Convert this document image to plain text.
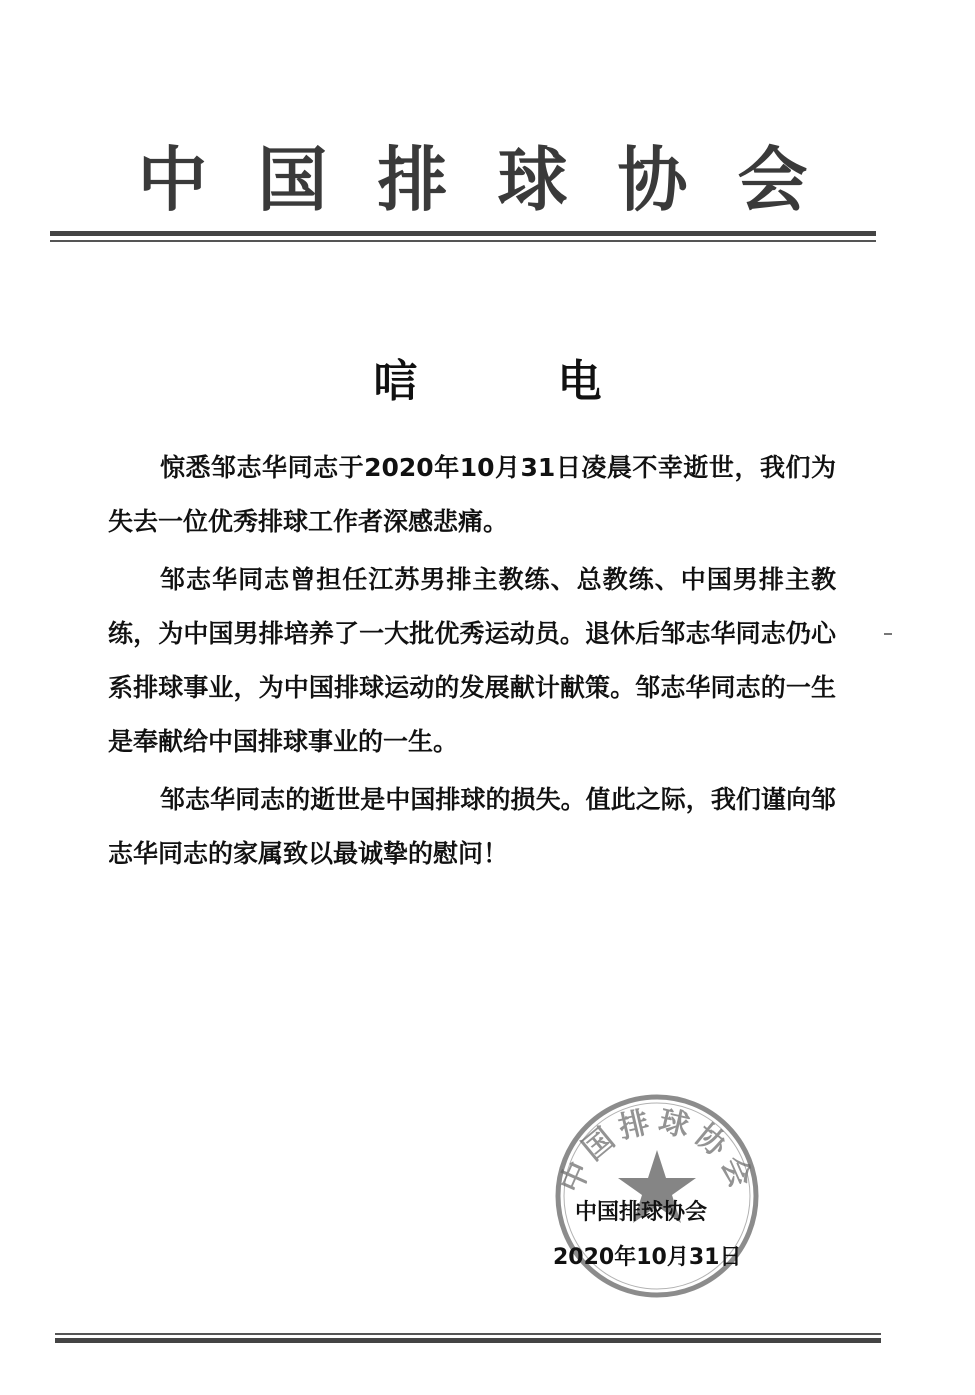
中国排球协会
唁　电

惊悉邹志华同志于2020年10月31日凌晨不幸逝世，我们为失去一位优秀排球工作者深感悲痛。

邹志华同志曾担任江苏男排主教练、总教练、中国男排主教练，为中国男排培养了一大批优秀运动员。退休后邹志华同志仍心系排球事业，为中国排球运动的发展献计献策。邹志华同志的一生是奉献给中国排球事业的一生。

邹志华同志的逝世是中国排球的损失。值此之际，我们谨向邹志华同志的家属致以最诚挚的慰问！

中国排球协会
中国排球协会
2020年10月31日
